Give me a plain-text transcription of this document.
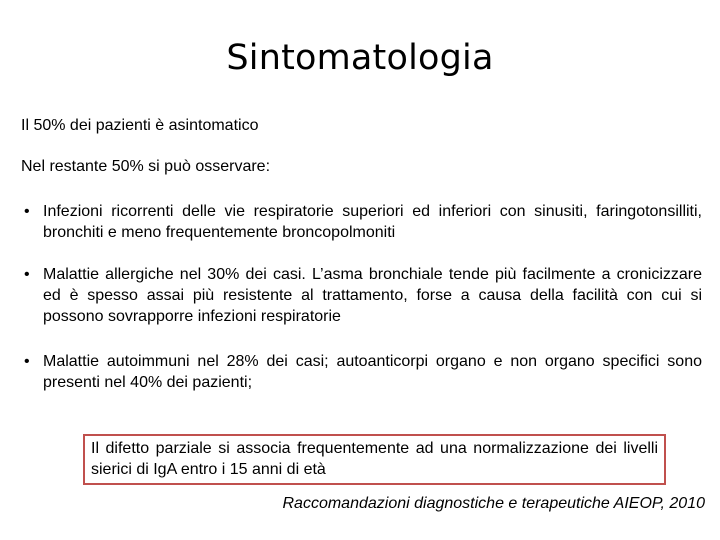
Sintomatologia
Il 50% dei pazienti è asintomatico
Nel restante 50% si può osservare:
• Infezioni ricorrenti delle vie respiratorie superiori ed inferiori con sinusiti, faringotonsilliti, bronchiti e meno frequentemente broncopolmoniti
• Malattie allergiche nel 30% dei casi. L’asma bronchiale tende più facilmente a cronicizzare ed è spesso assai più resistente al trattamento, forse a causa della facilità con cui si possono sovrapporre infezioni respiratorie
• Malattie autoimmuni nel 28% dei casi; autoanticorpi organo e non organo specifici sono presenti nel 40% dei pazienti;
Il difetto parziale si associa frequentemente ad una normalizzazione dei livelli sierici di IgA entro i 15 anni di età
Raccomandazioni diagnostiche e terapeutiche AIEOP, 2010
